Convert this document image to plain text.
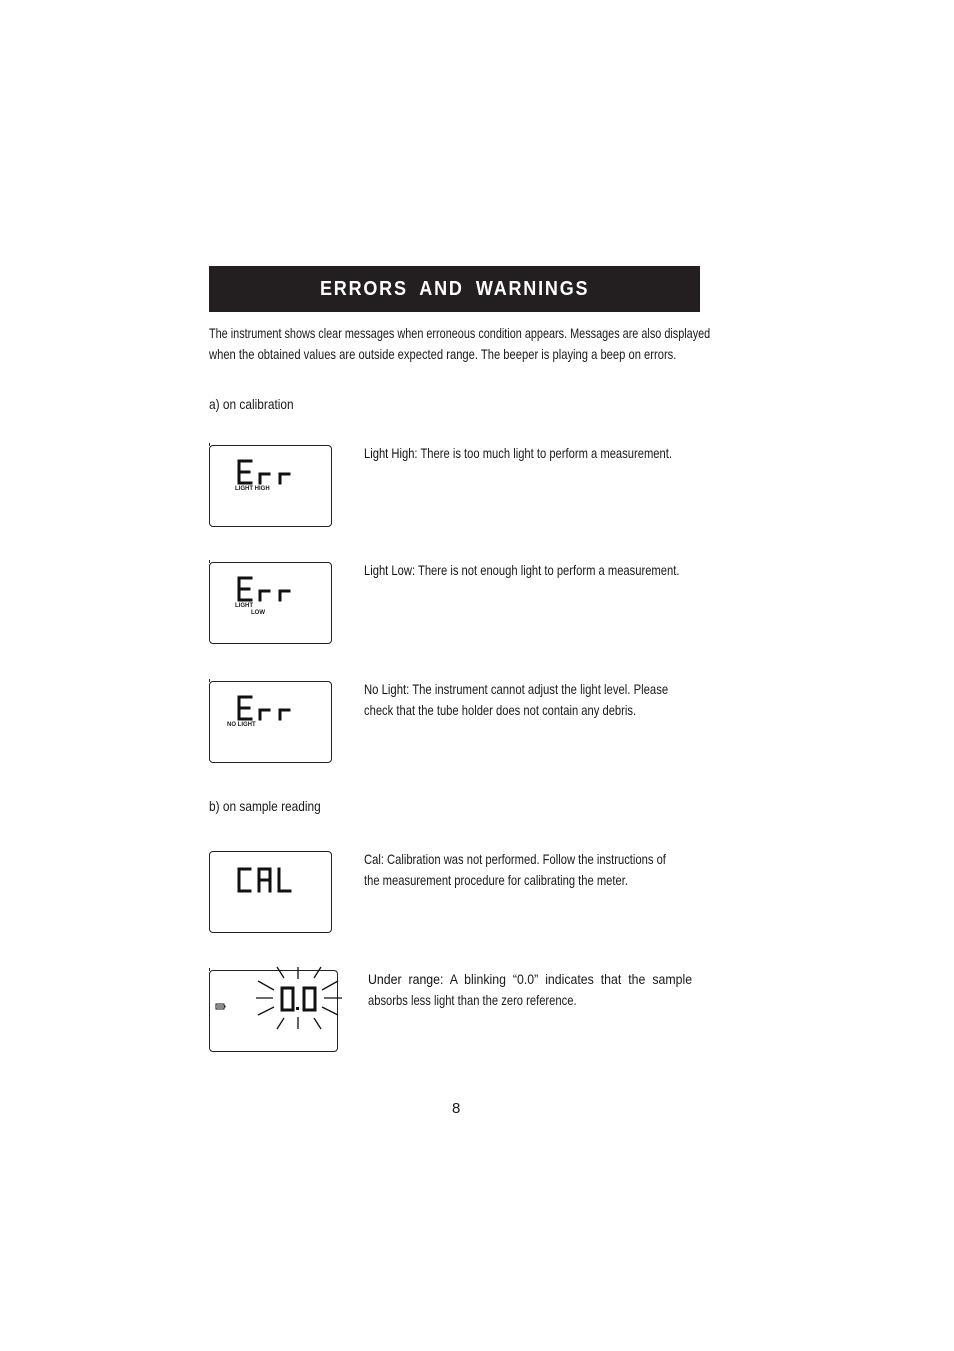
ERRORS AND WARNINGS
The instrument shows clear messages when erroneous condition appears. Messages are also displayed
when the obtained values are outside expected range. The beeper is playing a beep on errors.
a) on calibration
LIGHT HIGH
Light High: There is too much light to perform a measurement.
LIGHT
LOW
Light Low: There is not enough light to perform a measurement.
NO LIGHT
No Light: The instrument cannot adjust the light level. Please
check that the tube holder does not contain any debris.
b) on sample reading
Cal: Calibration was not performed. Follow the instructions of
the measurement procedure for calibrating the meter.
Under range: A blinking “0.0” indicates that the sample
absorbs less light than the zero reference.
8
